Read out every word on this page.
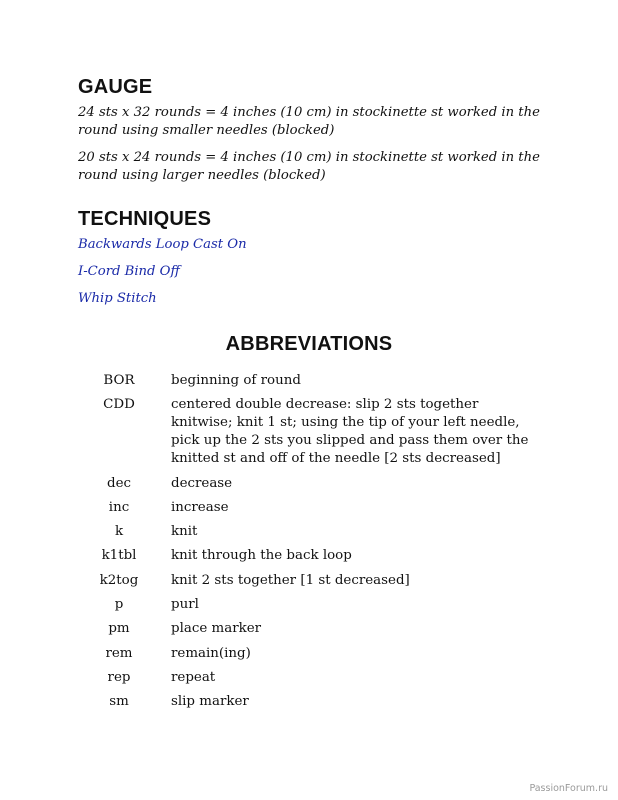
GAUGE

24 sts x 32 rounds = 4 inches (10 cm) in stockinette st worked in the round using smaller needles (blocked)

20 sts x 24 rounds = 4 inches (10 cm) in stockinette st worked in the round using larger needles (blocked)

TECHNIQUES
Backwards Loop Cast On
I-Cord Bind Off
Whip Stitch
ABBREVIATIONS
BOR	beginning of round
CDD	centered double decrease: slip 2 sts together knitwise; knit 1 st; using the tip of your left needle, pick up the 2 sts you slipped and pass them over the knitted st and off of the needle [2 sts decreased]
dec	decrease
inc	increase
k	knit
k1tbl	knit through the back loop
k2tog	knit 2 sts together [1 st decreased]
p	purl
pm	place marker
rem	remain(ing)
rep	repeat
sm	slip marker
PassionForum.ru
